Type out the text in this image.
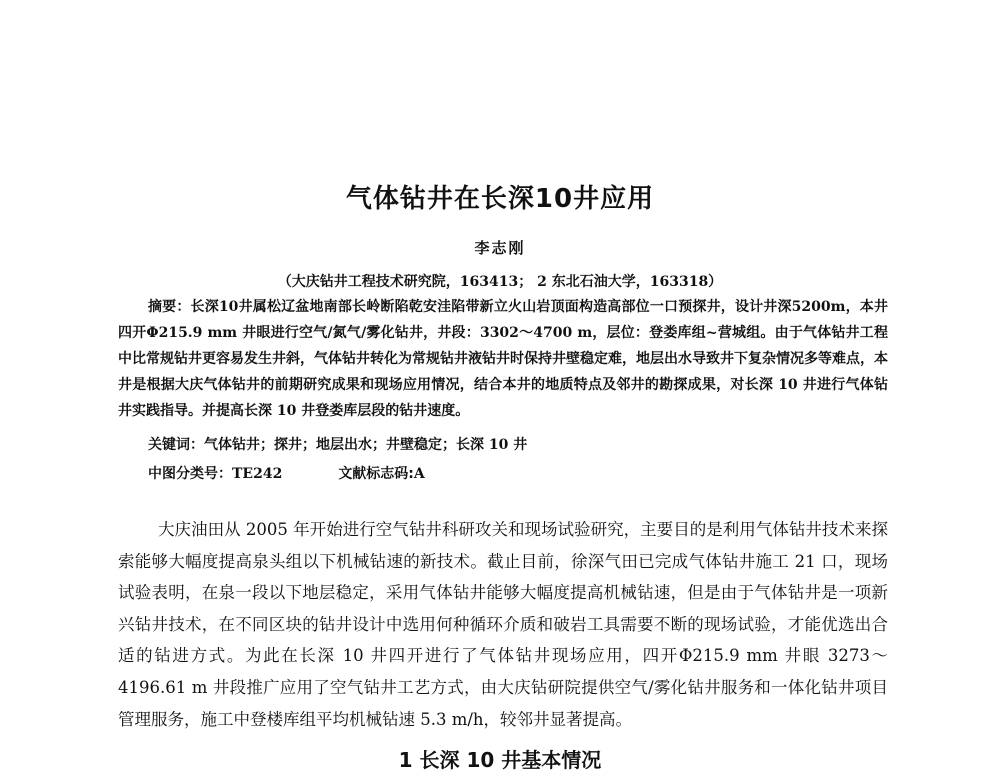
气体钻井在长深10井应用
李志刚
（大庆钻井工程技术研究院，163413； 2 东北石油大学，163318）

摘要：长深10井属松辽盆地南部长岭断陷乾安洼陷带新立火山岩顶面构造高部位一口预探井，设计井深5200m，本井四开Φ215.9 mm 井眼进行空气/氮气/雾化钻井，井段：3302～4700 m，层位：登娄库组~营城组。由于气体钻井工程中比常规钻井更容易发生井斜，气体钻井转化为常规钻井液钻井时保持井壁稳定难，地层出水导致井下复杂情况多等难点，本井是根据大庆气体钻井的前期研究成果和现场应用情况，结合本井的地质特点及邻井的勘探成果，对长深 10 井进行气体钻井实践指导。并提高长深 10 井登娄库层段的钻井速度。

关键词：气体钻井；探井；地层出水；井壁稳定；长深 10 井
中图分类号：TE242	文献标志码:A

大庆油田从 2005 年开始进行空气钻井科研攻关和现场试验研究，主要目的是利用气体钻井技术来探索能够大幅度提高泉头组以下机械钻速的新技术。截止目前，徐深气田已完成气体钻井施工 21 口，现场试验表明，在泉一段以下地层稳定，采用气体钻井能够大幅度提高机械钻速，但是由于气体钻井是一项新兴钻井技术，在不同区块的钻井设计中选用何种循环介质和破岩工具需要不断的现场试验，才能优选出合适的钻进方式。为此在长深 10 井四开进行了气体钻井现场应用，四开Φ215.9 mm 井眼 3273～4196.61 m 井段推广应用了空气钻井工艺方式，由大庆钻研院提供空气/雾化钻井服务和一体化钻井项目管理服务，施工中登楼库组平均机械钻速 5.3 m/h，较邻井显著提高。

1 长深 10 井基本情况
